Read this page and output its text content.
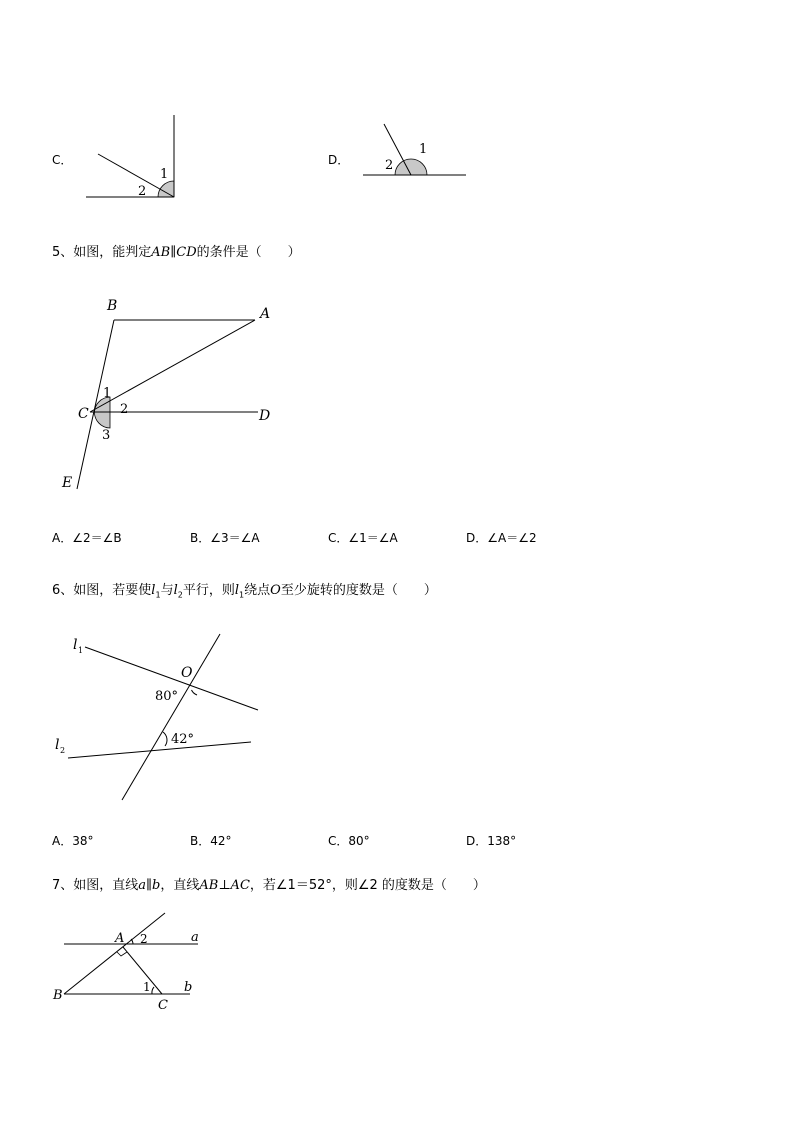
C．
1
2
D．
1
2
5、如图，能判定AB∥CD的条件是（　　）
B	A
C	D
E
1
2
3
A．∠2＝∠B	B．∠3＝∠A	C．∠1＝∠A	D．∠A＝∠2
6、如图，若要使$l_1$与$l_2$平行，则$l_1$绕点O至少旋转的度数是（　　）
l 1
l 2
O
80°
42°
A．38°	B．42°	C．80°	D．138°
7、如图，直线a∥b，直线AB⊥AC，若∠1＝52°，则∠2 的度数是（　　）
A
B
C
a
b
1
2
